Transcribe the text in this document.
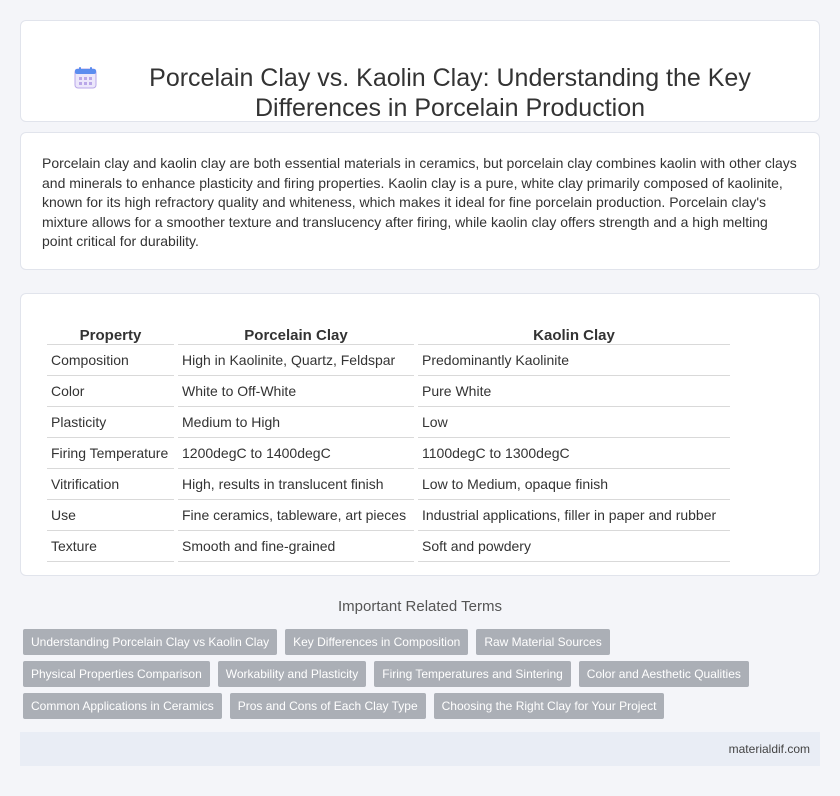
Porcelain Clay vs. Kaolin Clay: Understanding the Key Differences in Porcelain Production

Porcelain clay and kaolin clay are both essential materials in ceramics, but porcelain clay combines kaolin with other clays and minerals to enhance plasticity and firing properties. Kaolin clay is a pure, white clay primarily composed of kaolinite, known for its high refractory quality and whiteness, which makes it ideal for fine porcelain production. Porcelain clay's mixture allows for a smoother texture and translucency after firing, while kaolin clay offers strength and a high melting point critical for durability.

Property	Porcelain Clay	Kaolin Clay
Composition	High in Kaolinite, Quartz, Feldspar	Predominantly Kaolinite
Color	White to Off-White	Pure White
Plasticity	Medium to High	Low
Firing Temperature	1200degC to 1400degC	1100degC to 1300degC
Vitrification	High, results in translucent finish	Low to Medium, opaque finish
Use	Fine ceramics, tableware, art pieces	Industrial applications, filler in paper and rubber
Texture	Smooth and fine-grained	Soft and powdery
Important Related Terms
Understanding Porcelain Clay vs Kaolin Clay	Key Differences in Composition	Raw Material Sources
Physical Properties Comparison	Workability and Plasticity	Firing Temperatures and Sintering	Color and Aesthetic Qualities
Common Applications in Ceramics	Pros and Cons of Each Clay Type	Choosing the Right Clay for Your Project
materialdif.com
